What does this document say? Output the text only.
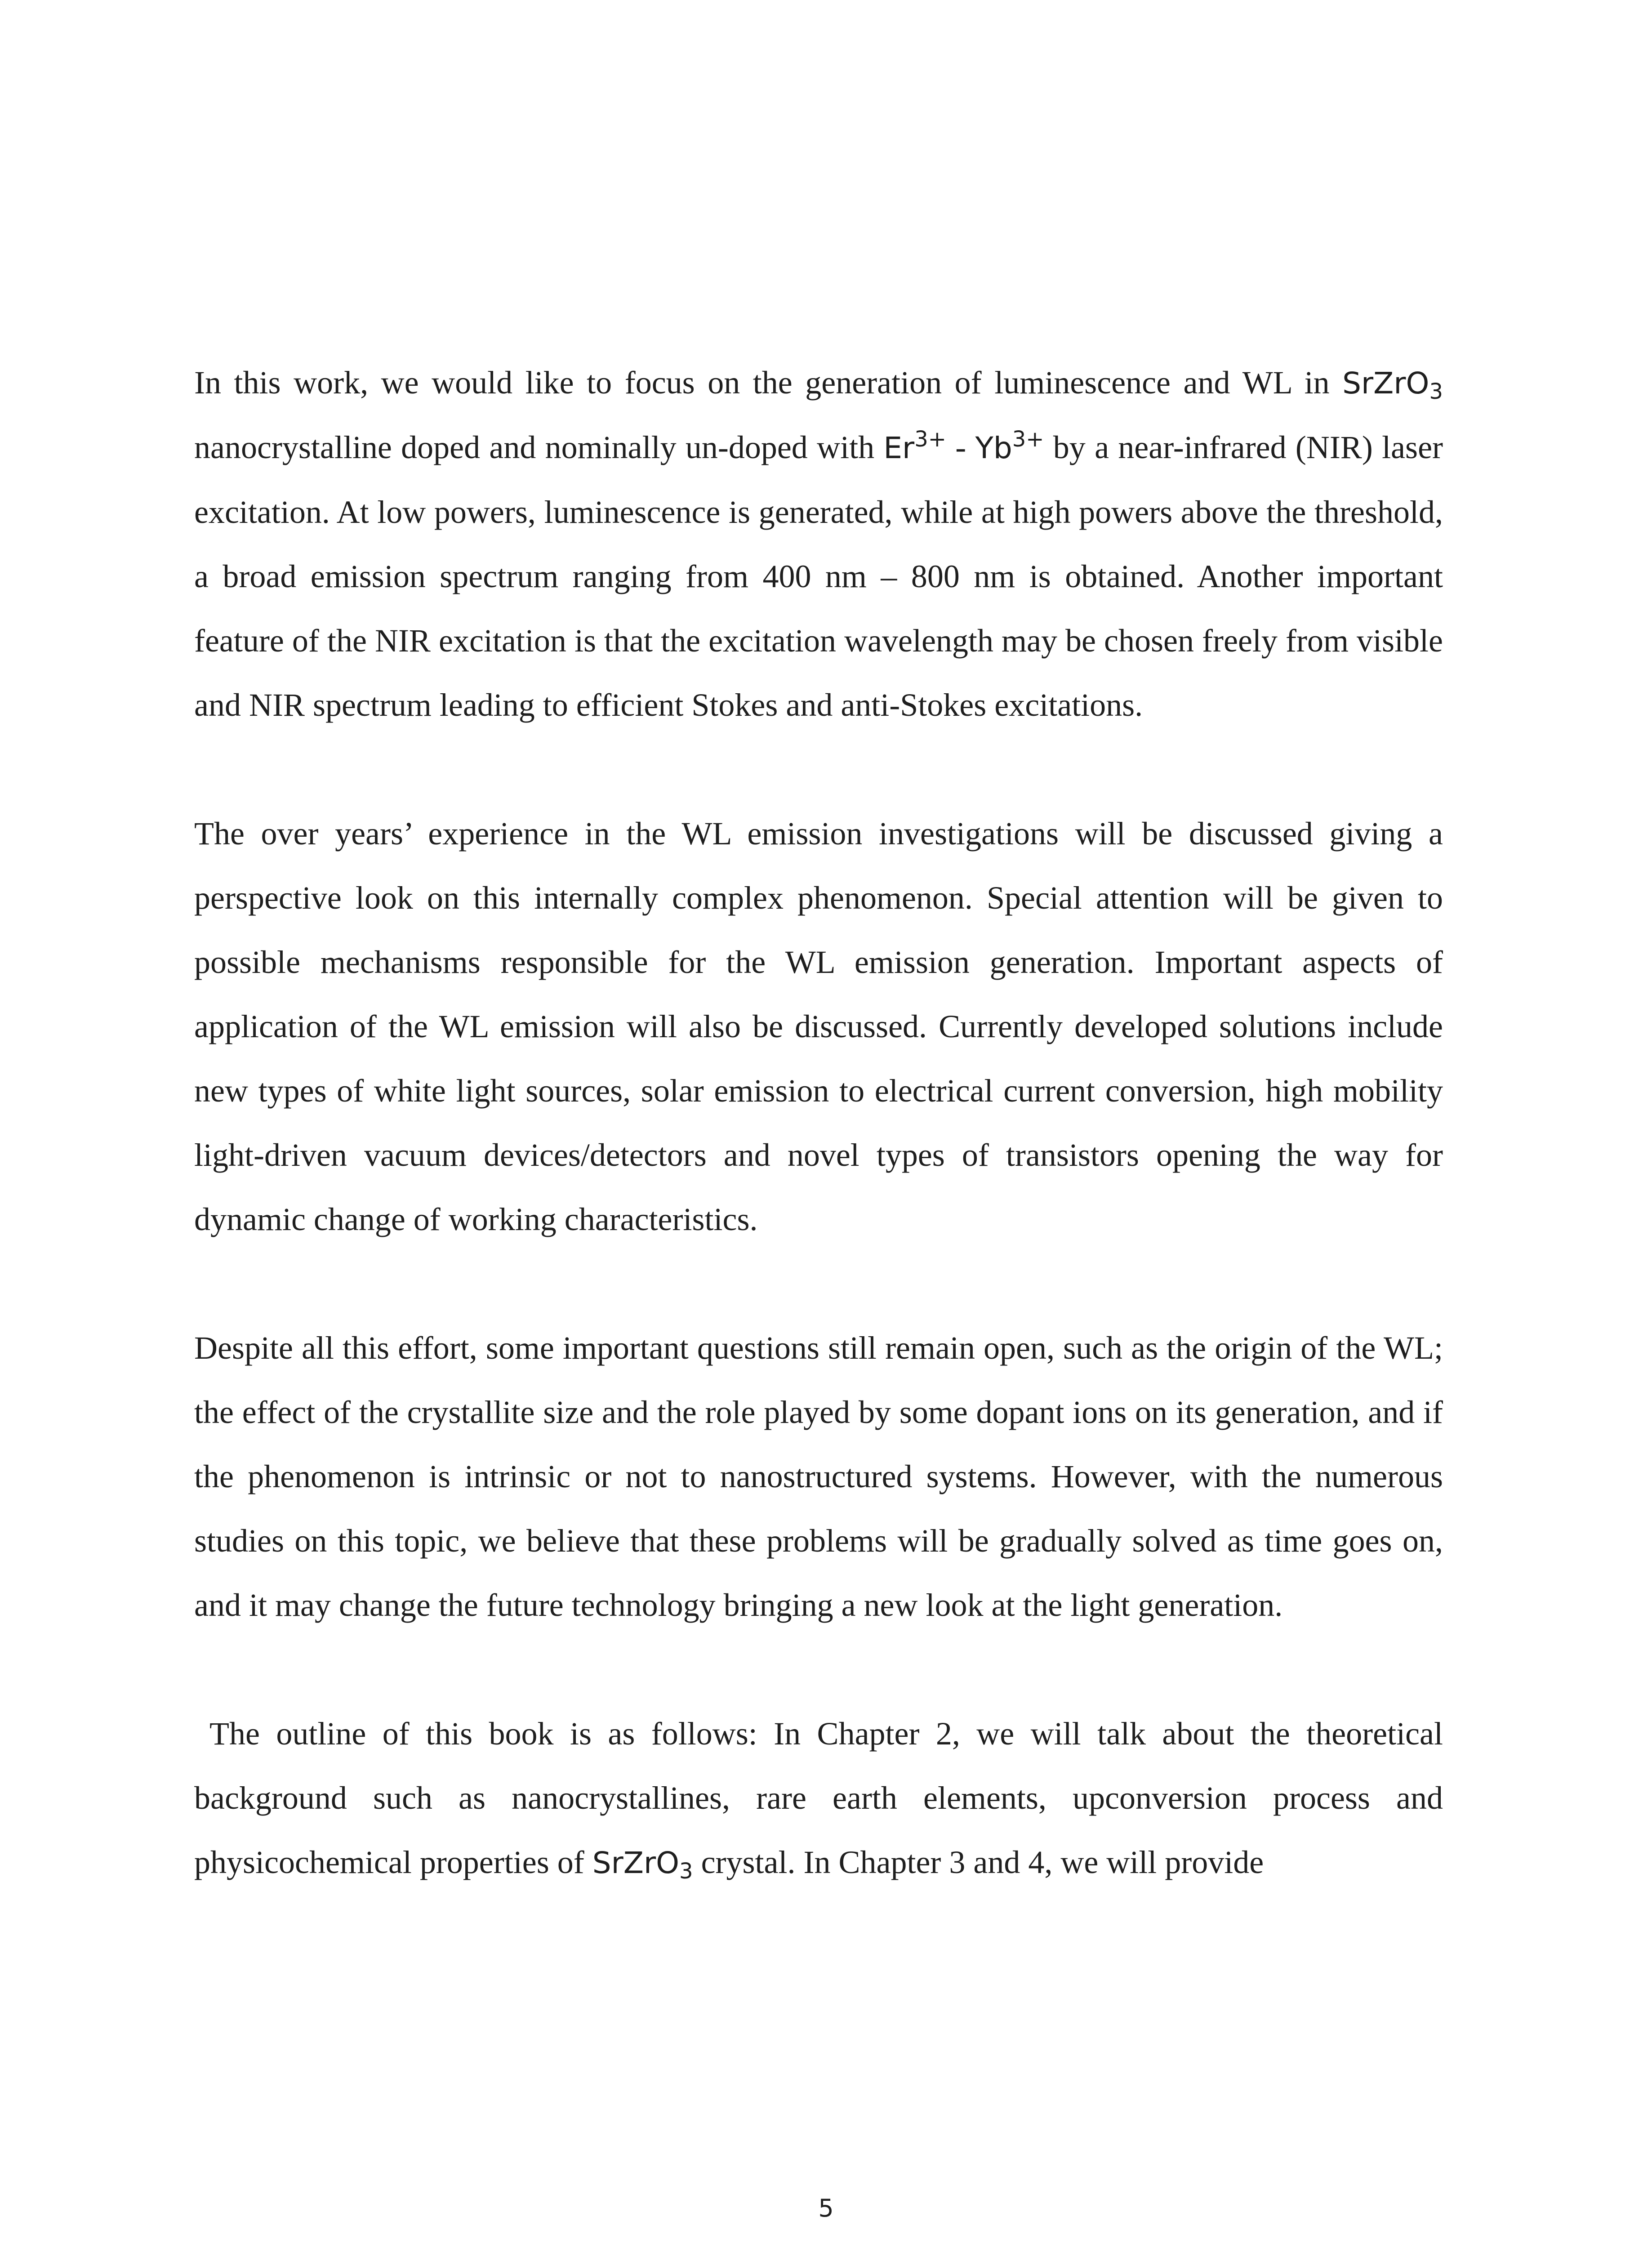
In this work, we would like to focus on the generation of luminescence and WL in SrZrO$_3$ nanocrystalline doped and nominally un-doped with $Er^{3+} - Yb^{3+}$ by a near-infrared (NIR) laser excitation. At low powers, luminescence is generated, while at high powers above the threshold, a broad emission spectrum ranging from 400 nm – 800 nm is obtained. Another important feature of the NIR excitation is that the excitation wavelength may be chosen freely from visible and NIR spectrum leading to efficient Stokes and anti-Stokes excitations.

The over years’ experience in the WL emission investigations will be discussed giving a perspective look on this internally complex phenomenon. Special attention will be given to possible mechanisms responsible for the WL emission generation. Important aspects of application of the WL emission will also be discussed. Currently developed solutions include new types of white light sources, solar emission to electrical current conversion, high mobility light-driven vacuum devices/detectors and novel types of transistors opening the way for dynamic change of working characteristics.

Despite all this effort, some important questions still remain open, such as the origin of the WL; the effect of the crystallite size and the role played by some dopant ions on its generation, and if the phenomenon is intrinsic or not to nanostructured systems. However, with the numerous studies on this topic, we believe that these problems will be gradually solved as time goes on, and it may change the future technology bringing a new look at the light generation.

The outline of this book is as follows: In Chapter 2, we will talk about the theoretical background such as nanocrystallines, rare earth elements, upconversion process and physicochemical properties of SrZrO$_3$ crystal. In Chapter 3 and 4, we will provide

5
